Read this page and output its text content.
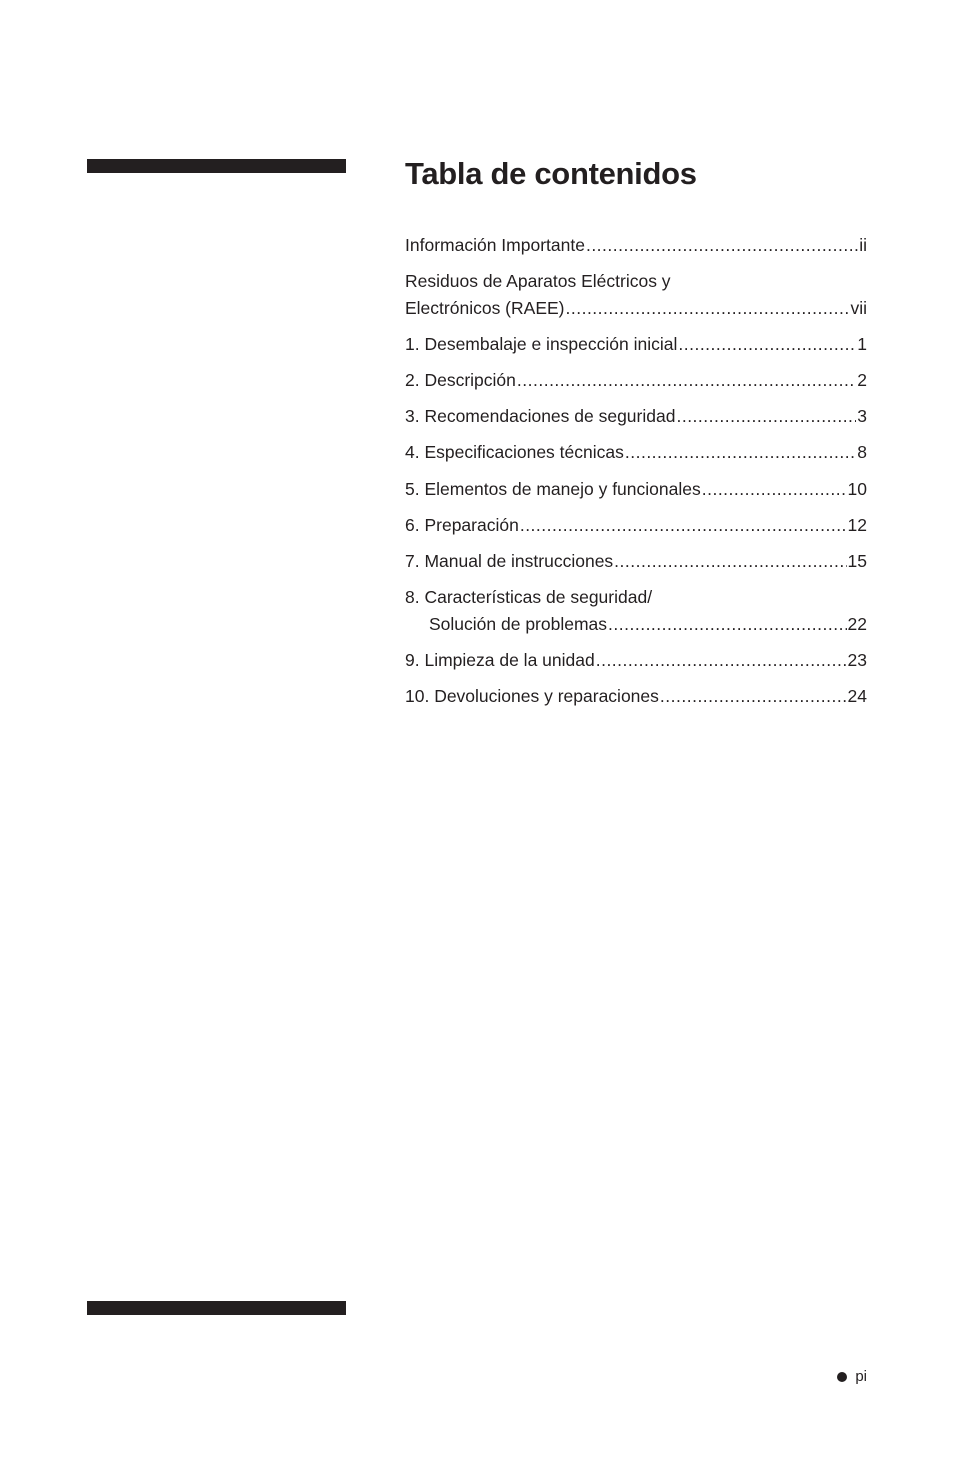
Tabla de contenidos
Información Importante .....	ii
Residuos de Aparatos Eléctricos y
Electrónicos (RAEE) .....	vii
1. Desembalaje e inspección inicial .....	1
2. Descripción .....	2
3. Recomendaciones de seguridad .....	3
4. Especificaciones técnicas .....	8
5. Elementos de manejo y funcionales .....	10
6. Preparación .....	12
7. Manual de instrucciones .....	15
8. Características de seguridad/
Solución de problemas .....	22
9. Limpieza de la unidad .....	23
10. Devoluciones y reparaciones .....	24
pi
